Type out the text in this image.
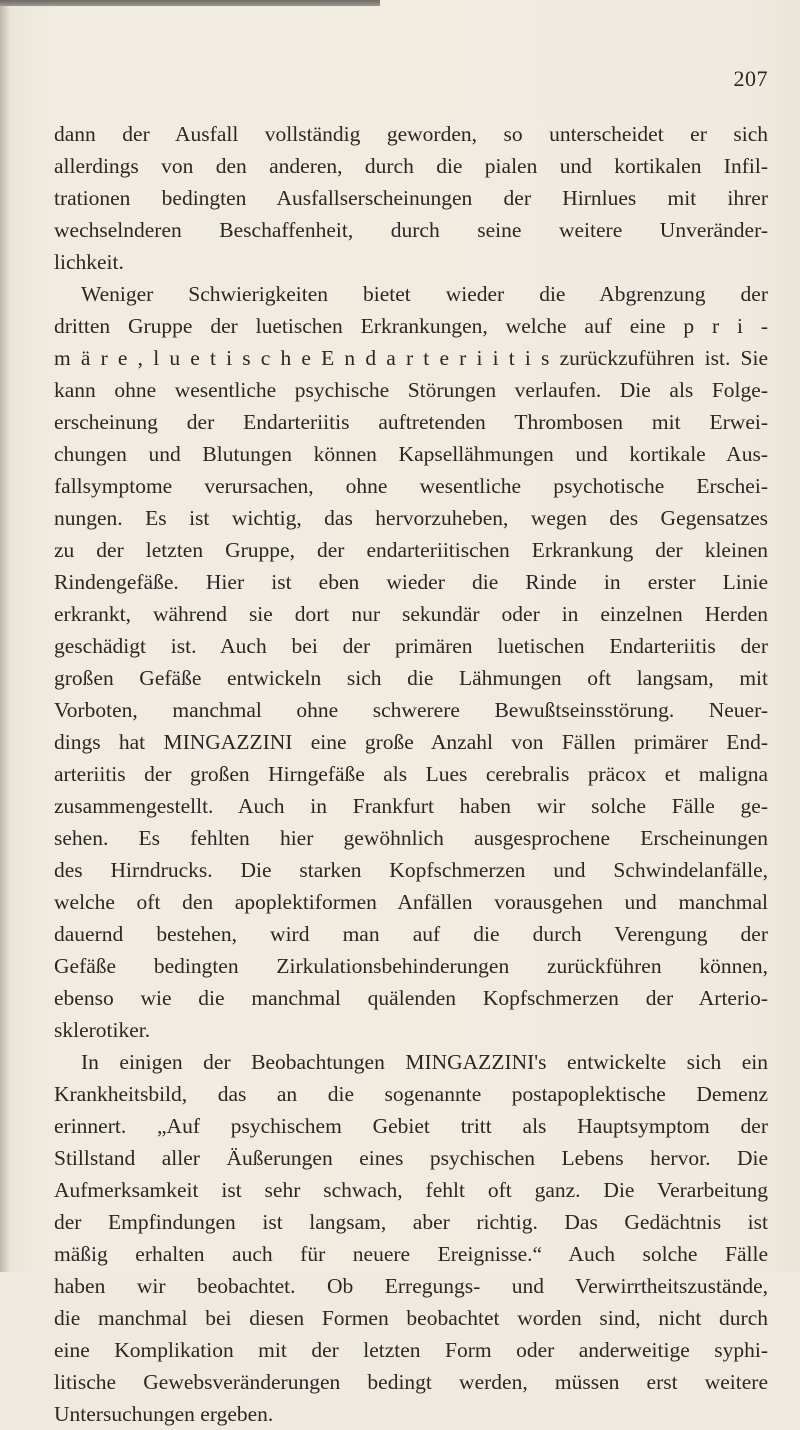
207
dann der Ausfall vollständig geworden, so unterscheidet er sich
allerdings von den anderen, durch die pialen und kortikalen Infil-
trationen bedingten Ausfallserscheinungen der Hirnlues mit ihrer
wechselnderen Beschaffenheit, durch seine weitere Unveränder-
lichkeit.
Weniger Schwierigkeiten bietet wieder die Abgrenzung der
dritten Gruppe der luetischen Erkrankungen, welche auf eine p r i -
m ä r e , l u e t i s c h e E n d a r t e r i i t i s zurückzuführen ist. Sie
kann ohne wesentliche psychische Störungen verlaufen. Die als Folge-
erscheinung der Endarteriitis auftretenden Thrombosen mit Erwei-
chungen und Blutungen können Kapsellähmungen und kortikale Aus-
fallsymptome verursachen, ohne wesentliche psychotische Erschei-
nungen. Es ist wichtig, das hervorzuheben, wegen des Gegensatzes
zu der letzten Gruppe, der endarteriitischen Erkrankung der kleinen
Rindengefäße. Hier ist eben wieder die Rinde in erster Linie
erkrankt, während sie dort nur sekundär oder in einzelnen Herden
geschädigt ist. Auch bei der primären luetischen Endarteriitis der
großen Gefäße entwickeln sich die Lähmungen oft langsam, mit
Vorboten, manchmal ohne schwerere Bewußtseinsstörung. Neuer-
dings hat MINGAZZINI eine große Anzahl von Fällen primärer End-
arteriitis der großen Hirngefäße als Lues cerebralis präcox et maligna
zusammengestellt. Auch in Frankfurt haben wir solche Fälle ge-
sehen. Es fehlten hier gewöhnlich ausgesprochene Erscheinungen
des Hirndrucks. Die starken Kopfschmerzen und Schwindelanfälle,
welche oft den apoplektiformen Anfällen vorausgehen und manchmal
dauernd bestehen, wird man auf die durch Verengung der
Gefäße bedingten Zirkulationsbehinderungen zurückführen können,
ebenso wie die manchmal quälenden Kopfschmerzen der Arterio-
sklerotiker.
In einigen der Beobachtungen MINGAZZINI's entwickelte sich ein
Krankheitsbild, das an die sogenannte postapoplektische Demenz
erinnert. „Auf psychischem Gebiet tritt als Hauptsymptom der
Stillstand aller Äußerungen eines psychischen Lebens hervor. Die
Aufmerksamkeit ist sehr schwach, fehlt oft ganz. Die Verarbeitung
der Empfindungen ist langsam, aber richtig. Das Gedächtnis ist
mäßig erhalten auch für neuere Ereignisse.“ Auch solche Fälle
haben wir beobachtet. Ob Erregungs- und Verwirrtheitszustände,
die manchmal bei diesen Formen beobachtet worden sind, nicht durch
eine Komplikation mit der letzten Form oder anderweitige syphi-
litische Gewebsveränderungen bedingt werden, müssen erst weitere
Untersuchungen ergeben.
